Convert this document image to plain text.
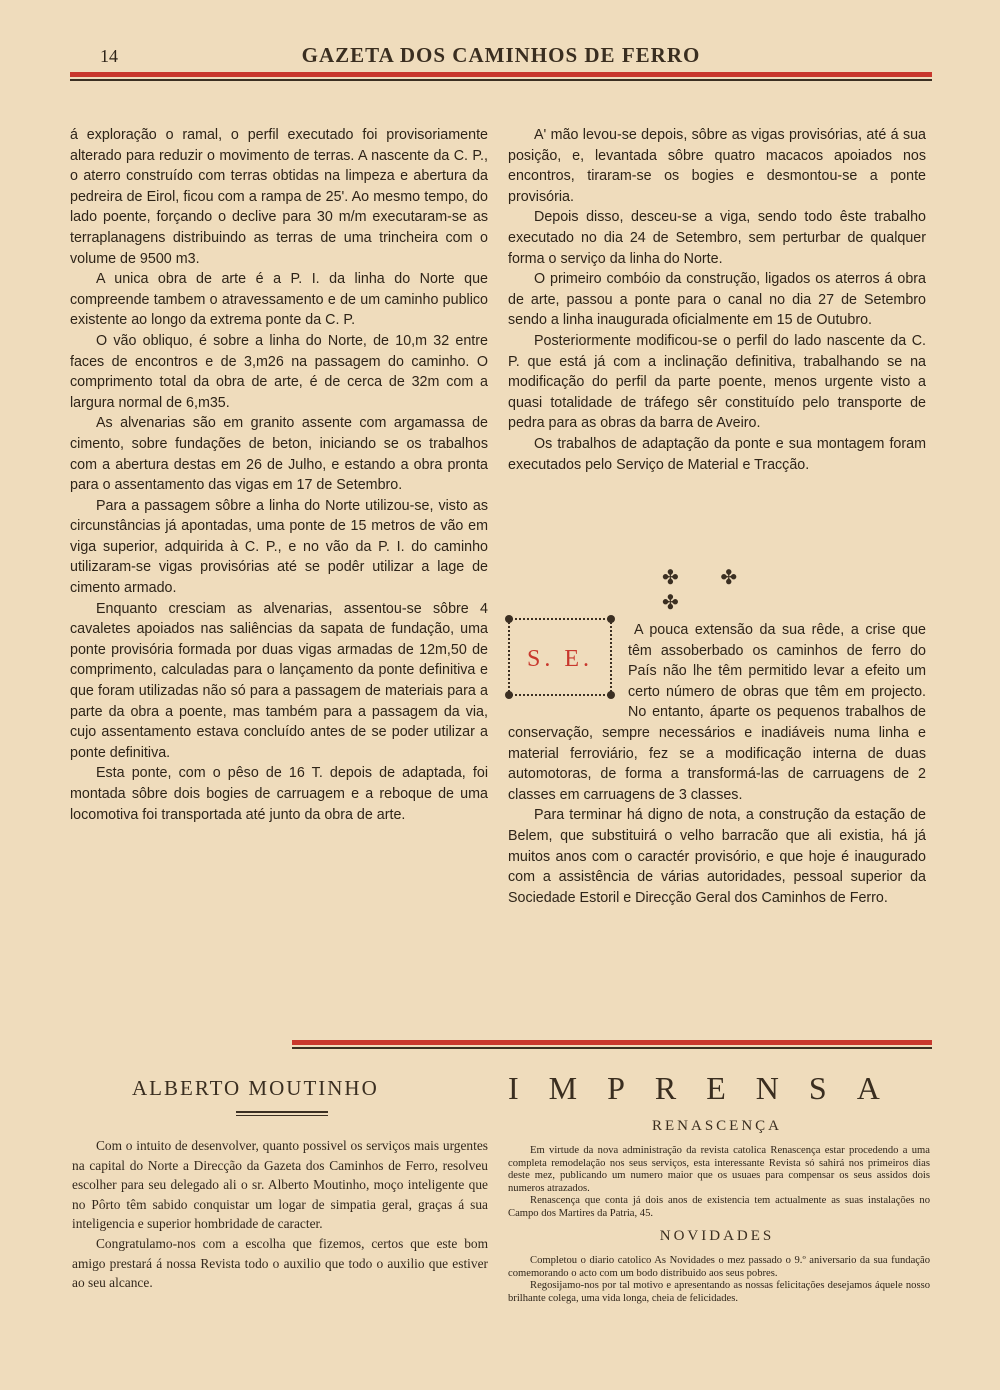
14	GAZETA DOS CAMINHOS DE FERRO

á exploração o ramal, o perfil executado foi provisoriamente alterado para reduzir o movimento de terras. A nascente da C. P., o aterro construído com terras obtidas na limpeza e abertura da pedreira de Eirol, ficou com a rampa de 25'. Ao mesmo tempo, do lado poente, forçando o declive para 30 m/m executaram-se as terraplanagens distribuindo as terras de uma trincheira com o volume de 9500 m3.

A unica obra de arte é a P. I. da linha do Norte que compreende tambem o atravessamento e de um caminho publico existente ao longo da extrema ponte da C. P.

O vão obliquo, é sobre a linha do Norte, de 10,m 32 entre faces de encontros e de 3,m26 na passagem do caminho. O comprimento total da obra de arte, é de cerca de 32m com a largura normal de 6,m35.

As alvenarias são em granito assente com argamassa de cimento, sobre fundações de beton, iniciando se os trabalhos com a abertura destas em 26 de Julho, e estando a obra pronta para o assentamento das vigas em 17 de Setembro.

Para a passagem sôbre a linha do Norte utilizou-se, visto as circunstâncias já apontadas, uma ponte de 15 metros de vão em viga superior, adquirida à C. P., e no vão da P. I. do caminho utilizaram-se vigas provisórias até se podêr utilizar a lage de cimento armado.

Enquanto cresciam as alvenarias, assentou-se sôbre 4 cavaletes apoiados nas saliências da sapata de fundação, uma ponte provisória formada por duas vigas armadas de 12m,50 de comprimento, calculadas para o lançamento da ponte definitiva e que foram utilizadas não só para a passagem de materiais para a parte da obra a poente, mas também para a passagem da via, cujo assentamento estava concluído antes de se poder utilizar a ponte definitiva.

Esta ponte, com o pêso de 16 T. depois de adaptada, foi montada sôbre dois bogies de carruagem e a reboque de uma locomotiva foi transportada até junto da obra de arte.

A' mão levou-se depois, sôbre as vigas provisórias, até á sua posição, e, levantada sôbre quatro macacos apoiados nos encontros, tiraram-se os bogies e desmontou-se a ponte provisória.

Depois disso, desceu-se a viga, sendo todo êste trabalho executado no dia 24 de Setembro, sem perturbar de qualquer forma o serviço da linha do Norte.

O primeiro combóio da construção, ligados os aterros á obra de arte, passou a ponte para o canal no dia 27 de Setembro sendo a linha inaugurada oficialmente em 15 de Outubro.

Posteriormente modificou-se o perfil do lado nascente da C. P. que está já com a inclinação definitiva, trabalhando se na modificação do perfil da parte poente, menos urgente visto a quasi totalidade de tráfego sêr constituído pelo transporte de pedra para as obras da barra de Aveiro.

Os trabalhos de adaptação da ponte e sua montagem foram executados pelo Serviço de Material e Tracção.

✤ ✤ ✤
S. E.

A pouca extensão da sua rêde, a crise que têm assoberbado os caminhos de ferro do País não lhe têm permitido levar a efeito um certo número de obras que têm em projecto. No entanto, áparte os pequenos trabalhos de conservação, sempre necessários e inadiáveis numa linha e material ferroviário, fez se a modificação interna de duas automotoras, de forma a transformá-las de carruagens de 2 classes em carruagens de 3 classes.

Para terminar há digno de nota, a construção da estação de Belem, que substituirá o velho barracão que ali existia, há já muitos anos com o caractér provisório, e que hoje é inaugurado com a assistência de várias autoridades, pessoal superior da Sociedade Estoril e Direcção Geral dos Caminhos de Ferro.

ALBERTO MOUTINHO

Com o intuito de desenvolver, quanto possivel os serviços mais urgentes na capital do Norte a Direcção da Gazeta dos Caminhos de Ferro, resolveu escolher para seu delegado ali o sr. Alberto Moutinho, moço inteligente que no Pôrto têm sabido conquistar um logar de simpatia geral, graças á sua inteligencia e superior hombridade de caracter.

Congratulamo-nos com a escolha que fizemos, certos que este bom amigo prestará á nossa Revista todo o auxilio que todo o auxilio que estiver ao seu alcance.

IMPRENSA
RENASCENÇA

Em virtude da nova administração da revista catolica Renascença estar procedendo a uma completa remodelação nos seus serviços, esta interessante Revista só sahirá nos primeiros dias deste mez, publicando um numero maior que os usuaes para compensar os seus assidos dois numeros atrazados.

Renascença que conta já dois anos de existencia tem actualmente as suas instalações no Campo dos Martires da Patria, 45.

NOVIDADES

Completou o diario catolico As Novidades o mez passado o 9.º aniversario da sua fundação comemorando o acto com um bodo distribuido aos seus pobres.

Regosijamo-nos por tal motivo e apresentando as nossas felicitações desejamos áquele nosso brilhante colega, uma vida longa, cheia de felicidades.
